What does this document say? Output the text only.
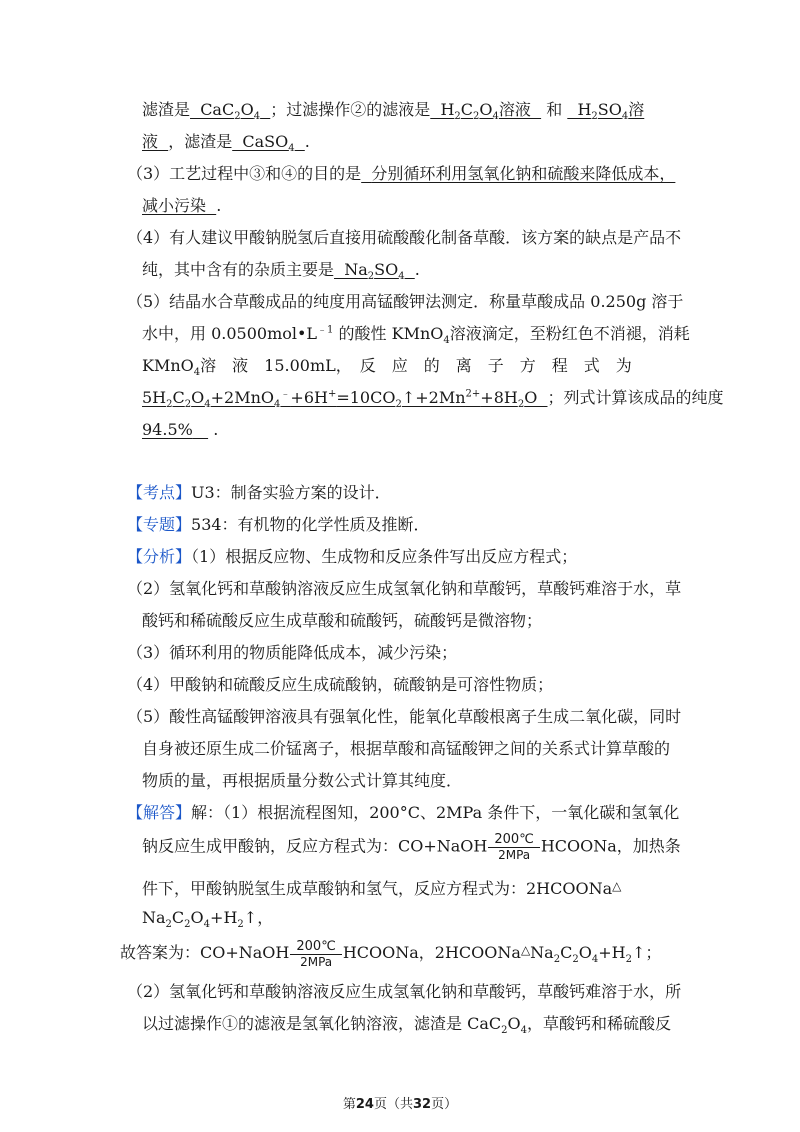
滤渣是  $CaC_2O_4$ ；过滤操作②的滤液是  $H_2C_2O_4$溶液   和   $H_2SO_4$溶
液 ，滤渣是  CaSO$_4$ .
（3）工艺过程中③和④的目的是 分别循环利用氢氧化钠和硫酸来降低成本，
减小污染 .
（4）有人建议甲酸钠脱氢后直接用硫酸酸化制备草酸．该方案的缺点是产品不
纯，其中含有的杂质主要是  $Na_2SO_4$ .
（5）结晶水合草酸成品的纯度用高锰酸钾法测定．称量草酸成品 0.250g 溶于
水中，用 $0.0500mol•L^{﹣1}$ 的酸性 KMnO$_4$溶液滴定，至粉红色不消褪，消耗
KMnO$_4$溶　液　15.00mL，　反　应　的　离　子　方　程　式　为
$5H_2C_2O_4+2MnO_4^﹣+6H^+=10CO_2↑+2Mn^{2+}+8H_2O$  ；列式计算该成品的纯度
94.5% .
【考点】U3：制备实验方案的设计．
【专题】534：有机物的化学性质及推断．
【分析】（1）根据反应物、生成物和反应条件写出反应方程式；
（2）氢氧化钙和草酸钠溶液反应生成氢氧化钠和草酸钙，草酸钙难溶于水，草
酸钙和稀硫酸反应生成草酸和硫酸钙，硫酸钙是微溶物；
（3）循环利用的物质能降低成本，减少污染；
（4）甲酸钠和硫酸反应生成硫酸钠，硫酸钠是可溶性物质；
（5）酸性高锰酸钾溶液具有强氧化性，能氧化草酸根离子生成二氧化碳，同时
自身被还原生成二价锰离子，根据草酸和高锰酸钾之间的关系式计算草酸的
物质的量，再根据质量分数公式计算其纯度．
【解答】解：（1）根据流程图知，200°C、2MPa 条件下，一氧化碳和氢氧化
钠反应生成甲酸钠，反应方程式为：CO+NaOH $\frac{200℃}{\text{2MPa}}$ HCOONa，加热条
件下，甲酸钠脱氢生成草酸钠和氢气，反应方程式为：2HCOONa△
$Na_2C_2O_4+H_2↑$，
故答案为：CO+NaOH $\frac{200℃}{\text{2MPa}}$ HCOONa，$2HCOONa^\triangle Na_2C_2O_4+H_2↑$；
（2）氢氧化钙和草酸钠溶液反应生成氢氧化钠和草酸钙，草酸钙难溶于水，所
以过滤操作①的滤液是氢氧化钠溶液，滤渣是 $CaC_2O_4$，草酸钙和稀硫酸反
第24页（共32页）
